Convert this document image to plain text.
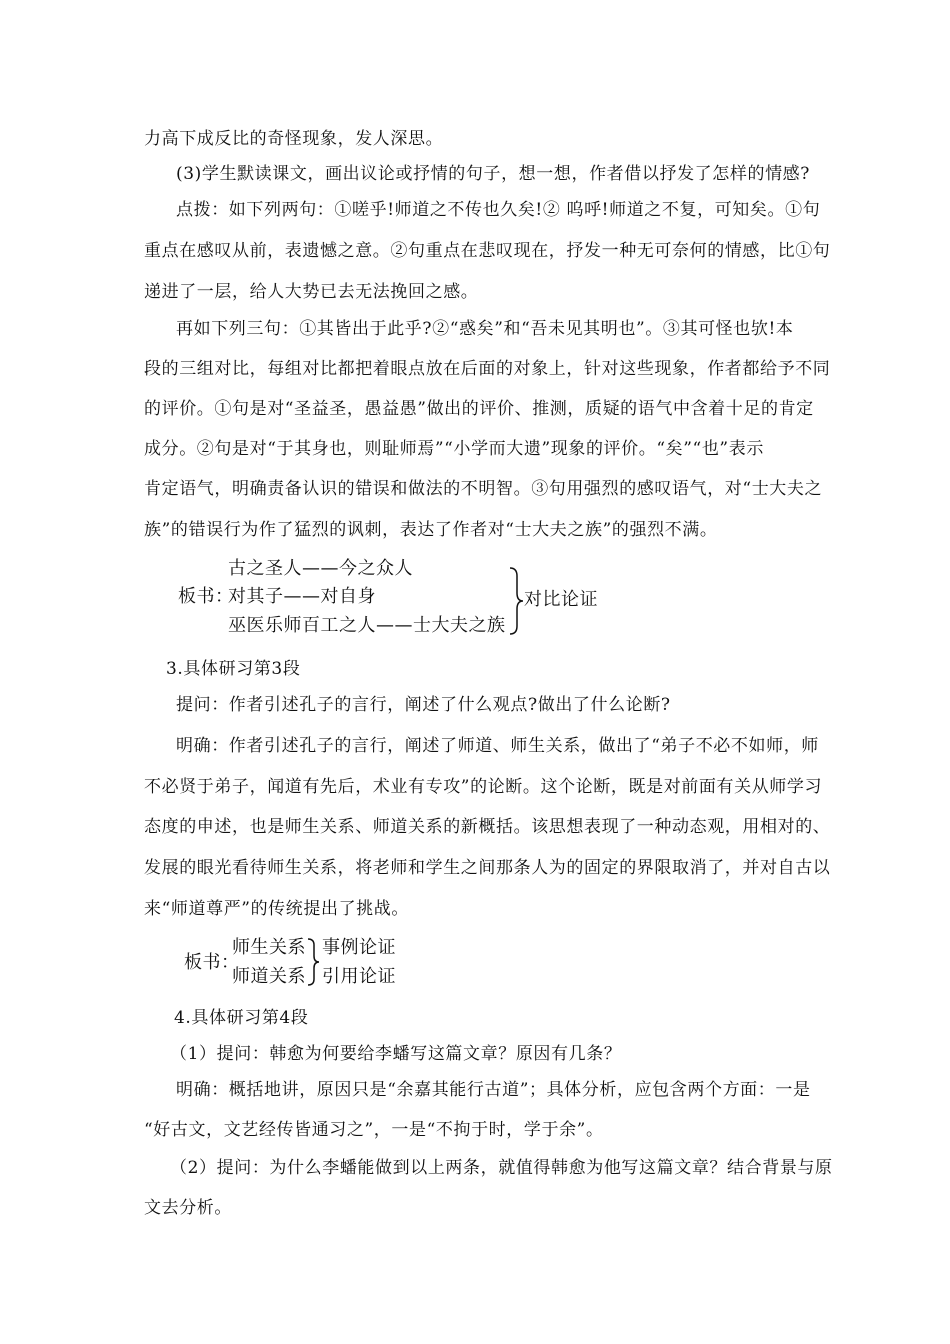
力高下成反比的奇怪现象，发人深思。
(3)学生默读课文，画出议论或抒情的句子，想一想，作者借以抒发了怎样的情感?
点拨：如下列两句：①嗟乎!师道之不传也久矣!② 呜呼!师道之不复，可知矣。①句
重点在感叹从前，表遗憾之意。②句重点在悲叹现在，抒发一种无可奈何的情感，比①句
递进了一层，给人大势已去无法挽回之感。
再如下列三句：①其皆出于此乎?②“惑矣”和“吾未见其明也”。③其可怪也欤!本
段的三组对比，每组对比都把着眼点放在后面的对象上，针对这些现象，作者都给予不同
的评价。①句是对“圣益圣，愚益愚”做出的评价、推测，质疑的语气中含着十足的肯定
成分。②句是对“于其身也，则耻师焉”“小学而大遗”现象的评价。“矣”“也”表示
肯定语气，明确责备认识的错误和做法的不明智。③句用强烈的感叹语气，对“士大夫之
族”的错误行为作了猛烈的讽刺，表达了作者对“士大夫之族”的强烈不满。
板书：
古之圣人——今之众人
对其子——对自身
巫医乐师百工之人——士大夫之族
对比论证
3.具体研习第3段
提问：作者引述孔子的言行，阐述了什么观点?做出了什么论断?
明确：作者引述孔子的言行，阐述了师道、师生关系，做出了“弟子不必不如师，师
不必贤于弟子，闻道有先后，术业有专攻”的论断。这个论断，既是对前面有关从师学习
态度的申述，也是师生关系、师道关系的新概括。该思想表现了一种动态观，用相对的、
发展的眼光看待师生关系，将老师和学生之间那条人为的固定的界限取消了，并对自古以
来“师道尊严”的传统提出了挑战。
板书：
师生关系
师道关系
事例论证
引用论证
4.具体研习第4段
（1）提问：韩愈为何要给李蟠写这篇文章？原因有几条？
明确：概括地讲，原因只是“余嘉其能行古道”；具体分析，应包含两个方面：一是
“好古文，文艺经传皆通习之”，一是“不拘于时，学于余”。
（2）提问：为什么李蟠能做到以上两条，就值得韩愈为他写这篇文章？结合背景与原
文去分析。
